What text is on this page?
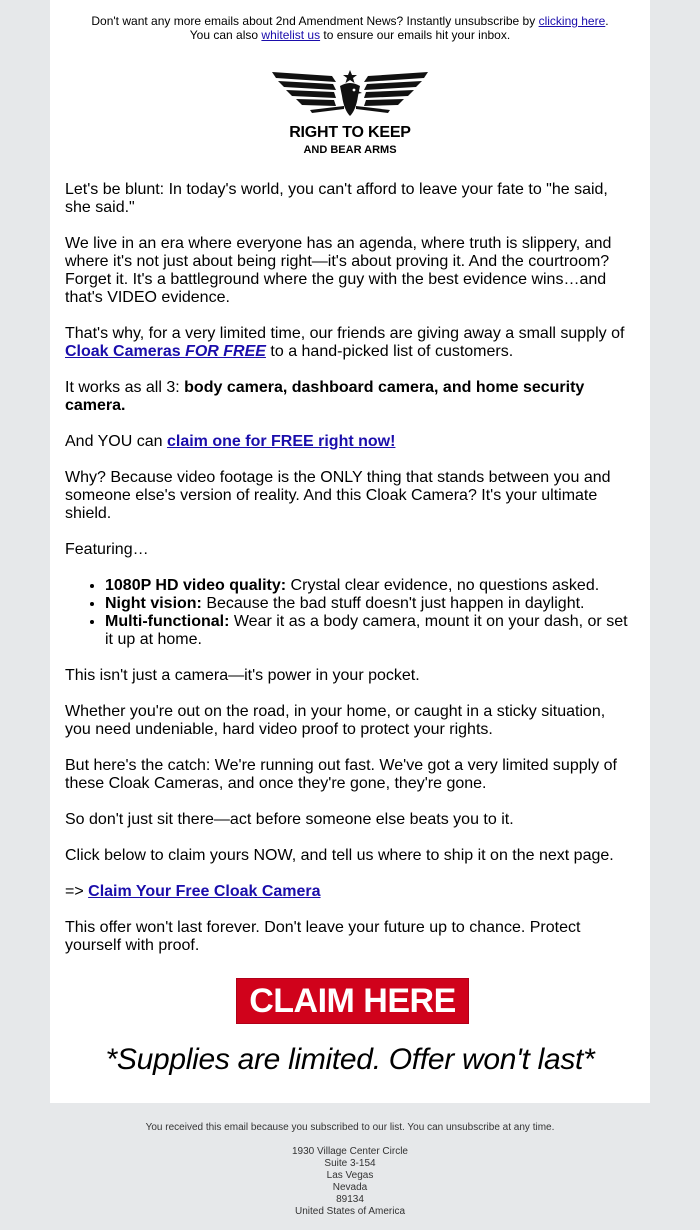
Don't want any more emails about 2nd Amendment News? Instantly unsubscribe by clicking here.
You can also whitelist us to ensure our emails hit your inbox.
RIGHT TO KEEP
AND BEAR ARMS

Let's be blunt: In today's world, you can't afford to leave your fate to "he said, she said."

We live in an era where everyone has an agenda, where truth is slippery, and where it's not just about being right—it's about proving it. And the courtroom? Forget it. It's a battleground where the guy with the best evidence wins…and that's VIDEO evidence.

That's why, for a very limited time, our friends are giving away a small supply of Cloak Cameras FOR FREE to a hand-picked list of customers.

It works as all 3: body camera, dashboard camera, and home security camera.

And YOU can claim one for FREE right now!

Why? Because video footage is the ONLY thing that stands between you and someone else's version of reality. And this Cloak Camera? It's your ultimate shield.

Featuring…

• 1080P HD video quality: Crystal clear evidence, no questions asked.
• Night vision: Because the bad stuff doesn't just happen in daylight.
• Multi-functional: Wear it as a body camera, mount it on your dash, or set it up at home.

This isn't just a camera—it's power in your pocket.

Whether you're out on the road, in your home, or caught in a sticky situation, you need undeniable, hard video proof to protect your rights.

But here's the catch: We're running out fast. We've got a very limited supply of these Cloak Cameras, and once they're gone, they're gone.

So don't just sit there—act before someone else beats you to it.

Click below to claim yours NOW, and tell us where to ship it on the next page.

=> Claim Your Free Cloak Camera

This offer won't last forever. Don't leave your future up to chance. Protect yourself with proof.

CLAIM HERE
*Supplies are limited. Offer won't last*
You received this email because you subscribed to our list. You can unsubscribe at any time.
1930 Village Center Circle
Suite 3-154
Las Vegas
Nevada
89134
United States of America
